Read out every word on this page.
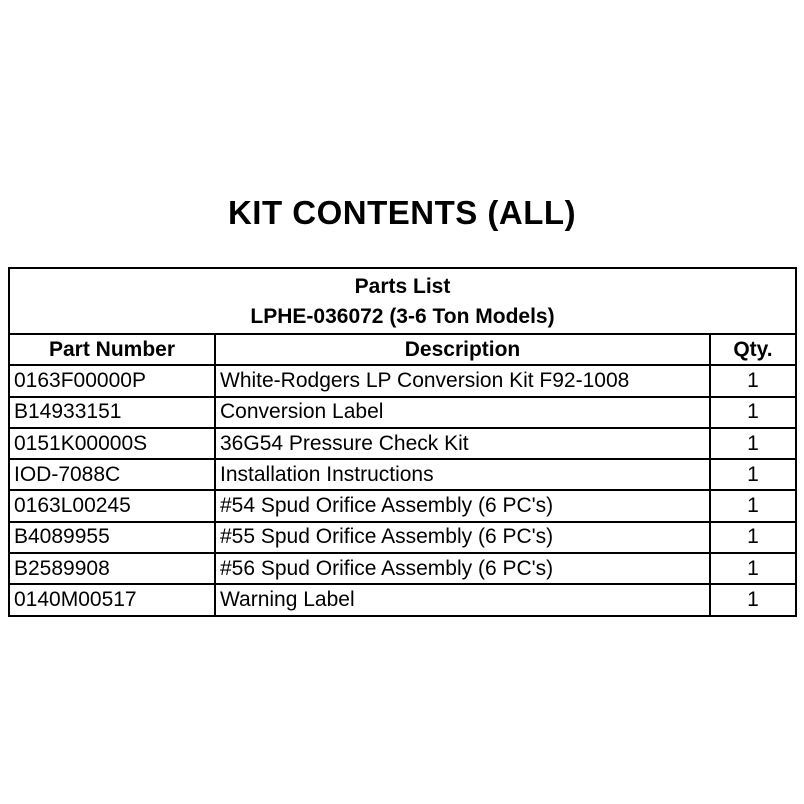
KIT CONTENTS (ALL)
Parts List
LPHE-036072 (3-6 Ton Models)		

Part Number	Description	Qty.
0163F00000P	White-Rodgers LP Conversion Kit F92-1008	1
B14933151	Conversion Label	1
0151K00000S	36G54 Pressure Check Kit	1
IOD-7088C	Installation Instructions	1
0163L00245	#54 Spud Orifice Assembly (6 PC's)	1
B4089955	#55 Spud Orifice Assembly (6 PC's)	1
B2589908	#56 Spud Orifice Assembly (6 PC's)	1
0140M00517	Warning Label	1
